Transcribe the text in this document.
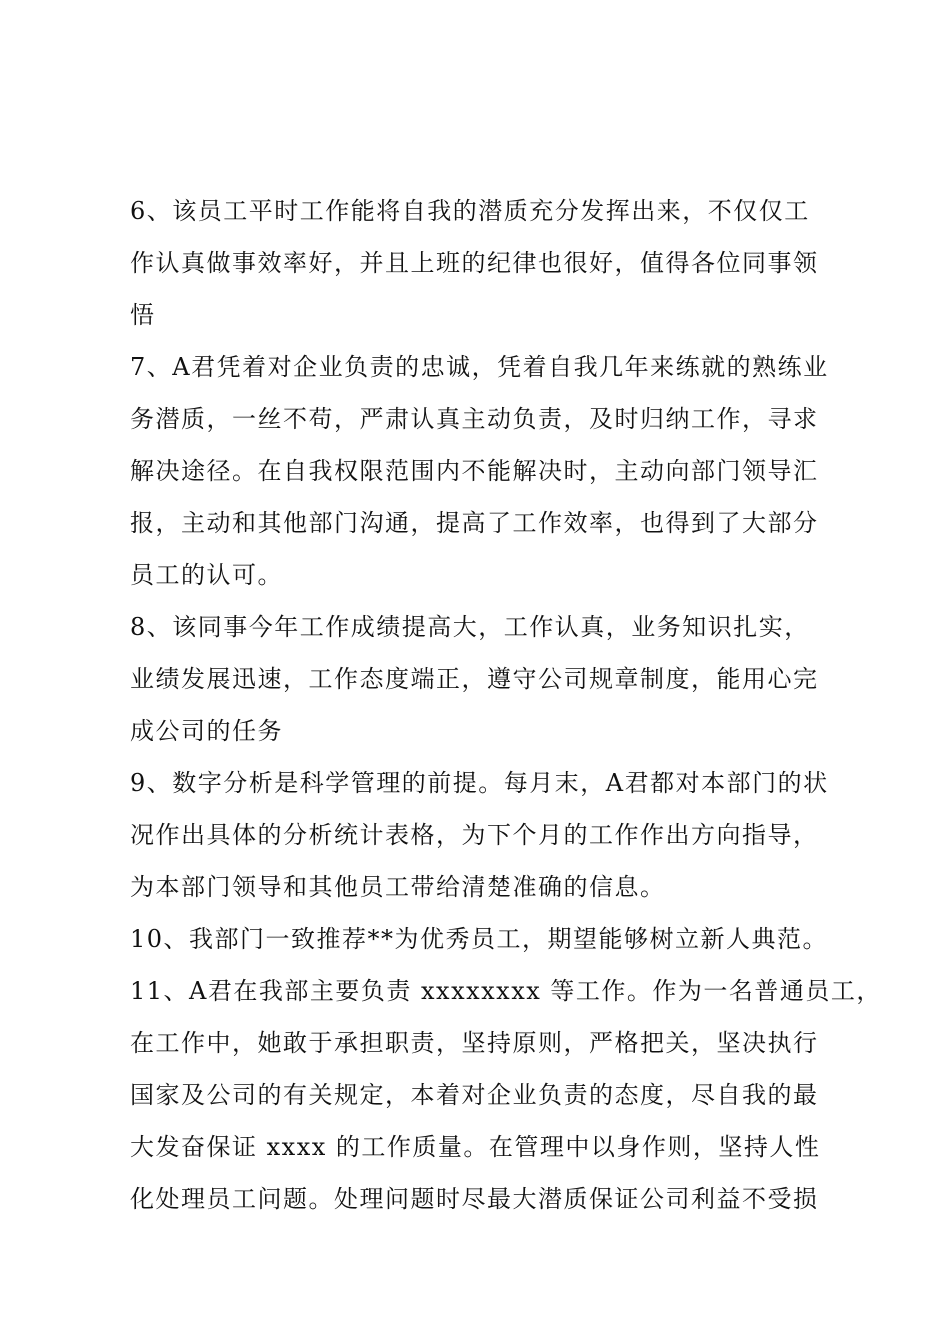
6、该员工平时工作能将自我的潜质充分发挥出来，不仅仅工
作认真做事效率好，并且上班的纪律也很好，值得各位同事领
悟
7、A君凭着对企业负责的忠诚，凭着自我几年来练就的熟练业
务潜质，一丝不苟，严肃认真主动负责，及时归纳工作，寻求
解决途径。在自我权限范围内不能解决时，主动向部门领导汇
报，主动和其他部门沟通，提高了工作效率，也得到了大部分
员工的认可。
8、该同事今年工作成绩提高大，工作认真，业务知识扎实，
业绩发展迅速，工作态度端正，遵守公司规章制度，能用心完
成公司的任务
9、数字分析是科学管理的前提。每月末，A君都对本部门的状
况作出具体的分析统计表格，为下个月的工作作出方向指导，
为本部门领导和其他员工带给清楚准确的信息。
10、我部门一致推荐**为优秀员工，期望能够树立新人典范。
11、A君在我部主要负责 xxxxxxxx 等工作。作为一名普通员工，
在工作中，她敢于承担职责，坚持原则，严格把关，坚决执行
国家及公司的有关规定，本着对企业负责的态度，尽自我的最
大发奋保证 xxxx 的工作质量。在管理中以身作则，坚持人性
化处理员工问题。处理问题时尽最大潜质保证公司利益不受损
